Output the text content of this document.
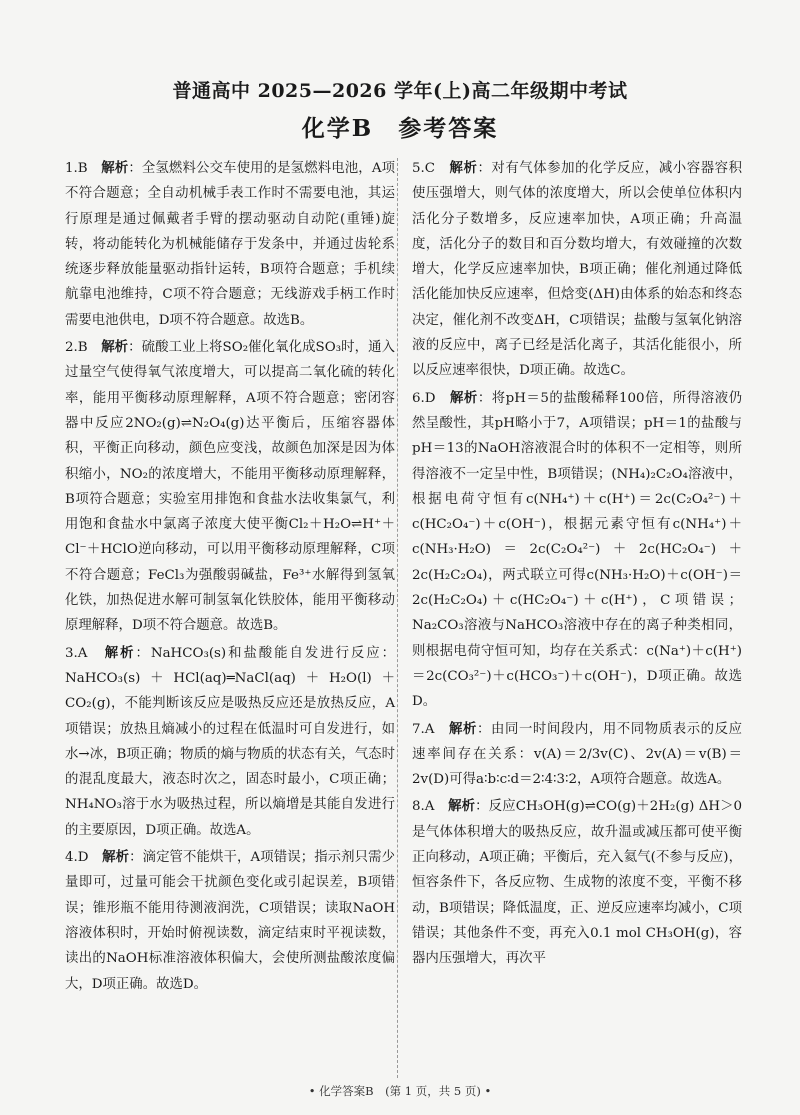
普通高中 2025—2026 学年(上)高二年级期中考试
化学B　参考答案

1.B　 解析：全氢燃料公交车使用的是氢燃料电池，A项不符合题意；全自动机械手表工作时不需要电池，其运行原理是通过佩戴者手臂的摆动驱动自动陀(重锤)旋转，将动能转化为机械能储存于发条中，并通过齿轮系统逐步释放能量驱动指针运转，B项符合题意；手机续航靠电池维持，C项不符合题意；无线游戏手柄工作时需要电池供电，D项不符合题意。故选B。

2.B　 解析：硫酸工业上将SO₂催化氧化成SO₃时，通入过量空气使得氧气浓度增大，可以提高二氧化硫的转化率，能用平衡移动原理解释，A项不符合题意；密闭容器中反应2NO₂(g)⇌N₂O₄(g)达平衡后，压缩容器体积，平衡正向移动，颜色应变浅，故颜色加深是因为体积缩小，NO₂的浓度增大，不能用平衡移动原理解释，B项符合题意；实验室用排饱和食盐水法收集氯气，利用饱和食盐水中氯离子浓度大使平衡Cl₂＋H₂O⇌H⁺＋Cl⁻＋HClO逆向移动，可以用平衡移动原理解释，C项不符合题意；FeCl₃为强酸弱碱盐，Fe³⁺水解得到氢氧化铁，加热促进水解可制氢氧化铁胶体，能用平衡移动原理解释，D项不符合题意。故选B。

3.A　 解析：NaHCO₃(s)和盐酸能自发进行反应：NaHCO₃(s)＋HCl(aq)═NaCl(aq)＋H₂O(l)＋CO₂(g)，不能判断该反应是吸热反应还是放热反应，A项错误；放热且熵减小的过程在低温时可自发进行，如水→冰，B项正确；物质的熵与物质的状态有关，气态时的混乱度最大，液态时次之，固态时最小，C项正确；NH₄NO₃溶于水为吸热过程，所以熵增是其能自发进行的主要原因，D项正确。故选A。

4.D　 解析：滴定管不能烘干，A项错误；指示剂只需少量即可，过量可能会干扰颜色变化或引起误差，B项错误；锥形瓶不能用待测液润洗，C项错误；读取NaOH溶液体积时，开始时俯视读数，滴定结束时平视读数，读出的NaOH标准溶液体积偏大，会使所测盐酸浓度偏大，D项正确。故选D。

5.C　 解析：对有气体参加的化学反应，减小容器容积使压强增大，则气体的浓度增大，所以会使单位体积内活化分子数增多，反应速率加快，A项正确；升高温度，活化分子的数目和百分数均增大，有效碰撞的次数增大，化学反应速率加快，B项正确；催化剂通过降低活化能加快反应速率，但焓变(ΔH)由体系的始态和终态决定，催化剂不改变ΔH，C项错误；盐酸与氢氧化钠溶液的反应中，离子已经是活化离子，其活化能很小，所以反应速率很快，D项正确。故选C。

6.D　 解析：将pH＝5的盐酸稀释100倍，所得溶液仍然呈酸性，其pH略小于7，A项错误；pH＝1的盐酸与pH＝13的NaOH溶液混合时的体积不一定相等，则所得溶液不一定呈中性，B项错误；(NH₄)₂C₂O₄溶液中，根据电荷守恒有c(NH₄⁺)＋c(H⁺)＝2c(C₂O₄²⁻)＋c(HC₂O₄⁻)＋c(OH⁻)，根据元素守恒有c(NH₄⁺)＋c(NH₃·H₂O)＝2c(C₂O₄²⁻)＋2c(HC₂O₄⁻)＋2c(H₂C₂O₄)，两式联立可得c(NH₃·H₂O)＋c(OH⁻)＝2c(H₂C₂O₄)＋c(HC₂O₄⁻)＋c(H⁺)，C项错误；Na₂CO₃溶液与NaHCO₃溶液中存在的离子种类相同，则根据电荷守恒可知，均存在关系式：c(Na⁺)＋c(H⁺)＝2c(CO₃²⁻)＋c(HCO₃⁻)＋c(OH⁻)，D项正确。故选D。

7.A　 解析：由同一时间段内，用不同物质表示的反应速率间存在关系：v(A)＝2/3v(C)、2v(A)＝v(B)＝2v(D)可得a∶b∶c∶d＝2∶4∶3∶2，A项符合题意。故选A。

8.A　 解析：反应CH₃OH(g)⇌CO(g)＋2H₂(g) ΔH＞0是气体体积增大的吸热反应，故升温或减压都可使平衡正向移动，A项正确；平衡后，充入氦气(不参与反应)，恒容条件下，各反应物、生成物的浓度不变，平衡不移动，B项错误；降低温度，正、逆反应速率均减小，C项错误；其他条件不变，再充入0.1 mol CH₃OH(g)，容器内压强增大，再次平

• 化学答案B　(第 1 页，共 5 页) •
